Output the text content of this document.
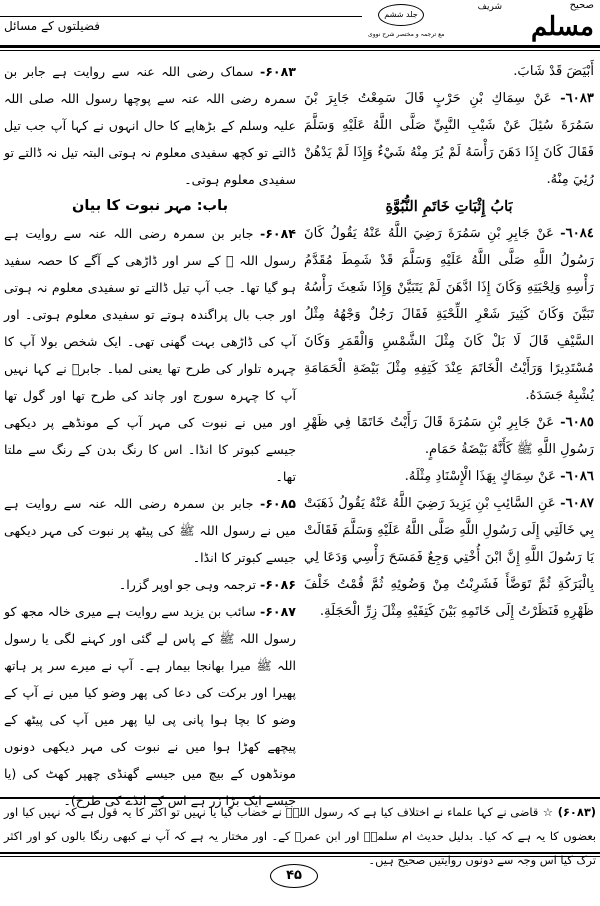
صحیح
مسلم
شریف
جلد ششم
مع ترجمہ و مختصر شرح نووی
فضیلتوں کے مسائل

أَبْيَضَ قَدْ شَابَ.

٦٠٨٣- عَنْ سِمَاكِ بْنِ حَرْبٍ قَالَ سَمِعْتُ جَابِرَ بْنَ سَمُرَةَ سُئِلَ عَنْ شَيْبِ النَّبِيِّ صَلَّى اللَّهُ عَلَيْهِ وَسَلَّمَ فَقَالَ كَانَ إِذَا دَهَنَ رَأْسَهُ لَمْ يُرَ مِنْهُ شَيْءٌ وَإِذَا لَمْ يَدْهُنْ رُئِيَ مِنْهُ.

بَابُ إِثْبَاتِ خَاتَمِ النُّبُوَّةِ

٦٠٨٤- عَنْ جَابِرِ بْنِ سَمُرَةَ رَضِيَ اللَّهُ عَنْهُ يَقُولُ كَانَ رَسُولُ اللَّهِ صَلَّى اللَّهُ عَلَيْهِ وَسَلَّمَ قَدْ شَمِطَ مُقَدَّمُ رَأْسِهِ وَلِحْيَتِهِ وَكَانَ إِذَا ادَّهَنَ لَمْ يَتَبَيَّنْ وَإِذَا شَعِثَ رَأْسُهُ تَبَيَّنَ وَكَانَ كَثِيرَ شَعْرِ اللِّحْيَةِ فَقَالَ رَجُلٌ وَجْهُهُ مِثْلُ السَّيْفِ قَالَ لَا بَلْ كَانَ مِثْلَ الشَّمْسِ وَالْقَمَرِ وَكَانَ مُسْتَدِيرًا وَرَأَيْتُ الْخَاتَمَ عِنْدَ كَتِفِهِ مِثْلَ بَيْضَةِ الْحَمَامَةِ يُشْبِهُ جَسَدَهُ.

٦٠٨٥- عَنْ جَابِرِ بْنِ سَمُرَةَ قَالَ رَأَيْتُ خَاتَمًا فِي ظَهْرِ رَسُولِ اللَّهِ ﷺ كَأَنَّهُ بَيْضَةُ حَمَامٍ.

٦٠٨٦- عَنْ سِمَاكٍ بِهَذَا الْإِسْنَادِ مِثْلَهُ.

٦٠٨٧- عَنِ السَّائِبِ بْنِ يَزِيدَ رَضِيَ اللَّهُ عَنْهُ يَقُولُ ذَهَبَتْ بِي خَالَتِي إِلَى رَسُولِ اللَّهِ صَلَّى اللَّهُ عَلَيْهِ وَسَلَّمَ فَقَالَتْ يَا رَسُولَ اللَّهِ إِنَّ ابْنَ أُخْتِي وَجِعٌ فَمَسَحَ رَأْسِي وَدَعَا لِي بِالْبَرَكَةِ ثُمَّ تَوَضَّأَ فَشَرِبْتُ مِنْ وَضُوئِهِ ثُمَّ قُمْتُ خَلْفَ ظَهْرِهِ فَنَظَرْتُ إِلَى خَاتَمِهِ بَيْنَ كَتِفَيْهِ مِثْلَ زِرِّ الْحَجَلَةِ.

۶۰۸۳- سماک رضی اللہ عنہ سے روایت ہے جابر بن سمرہ رضی اللہ عنہ سے پوچھا رسول اللہ صلی اللہ علیہ وسلم کے بڑھاپے کا حال انہوں نے کہا آپ جب تیل ڈالتے تو کچھ سفیدی معلوم نہ ہوتی البتہ تیل نہ ڈالتے تو سفیدی معلوم ہوتی۔

باب: مہر نبوت کا بیان

۶۰۸۴- جابر بن سمرہ رضی اللہ عنہ سے روایت ہے رسول اللہ ﷺ کے سر اور ڈاڑھی کے آگے کا حصہ سفید ہو گیا تھا۔ جب آپ تیل ڈالتے تو سفیدی معلوم نہ ہوتی اور جب بال پراگندہ ہوتے تو سفیدی معلوم ہوتی۔ اور آپ کی ڈاڑھی بہت گھنی تھی۔ ایک شخص بولا آپ کا چہرہ تلوار کی طرح تھا یعنی لمبا۔ جابرؓ نے کہا نہیں آپ کا چہرہ سورج اور چاند کی طرح تھا اور گول تھا اور میں نے نبوت کی مہر آپ کے مونڈھے پر دیکھی جیسے کبوتر کا انڈا۔ اس کا رنگ بدن کے رنگ سے ملتا تھا۔

۶۰۸۵- جابر بن سمرہ رضی اللہ عنہ سے روایت ہے میں نے رسول اللہ ﷺ کی پیٹھ پر نبوت کی مہر دیکھی جیسے کبوتر کا انڈا۔

۶۰۸۶- ترجمہ وہی جو اوپر گزرا۔

۶۰۸۷- سائب بن یزید سے روایت ہے میری خالہ مجھ کو رسول اللہ ﷺ کے پاس لے گئی اور کہنے لگی یا رسول اللہ ﷺ میرا بھانجا بیمار ہے۔ آپ نے میرے سر پر ہاتھ پھیرا اور برکت کی دعا کی پھر وضو کیا میں نے آپ کے وضو کا بچا ہوا پانی پی لیا پھر میں آپ کی پیٹھ کے پیچھے کھڑا ہوا میں نے نبوت کی مہر دیکھی دونوں مونڈھوں کے بیچ میں جیسے گھنڈی چھپر کھٹ کی (یا جیسے ایک بڑا زر ہے اس کے انڈے کی طرح)۔

(۶۰۸۳) ☆ قاضی نے کہا علماء نے اختلاف کیا ہے کہ رسول اللہؐ نے خضاب کیا یا نہیں تو اکثر کا یہ قول ہے کہ نہیں کیا اور بعضوں کا یہ ہے کہ کیا۔ بدلیل حدیث ام سلمہؓ اور ابن عمرؓ کے۔ اور مختار یہ ہے کہ آپ نے کبھی رنگا بالوں کو اور اکثر ترک کیا اس وجہ سے دونوں روایتیں صحیح ہیں۔
۴۵
